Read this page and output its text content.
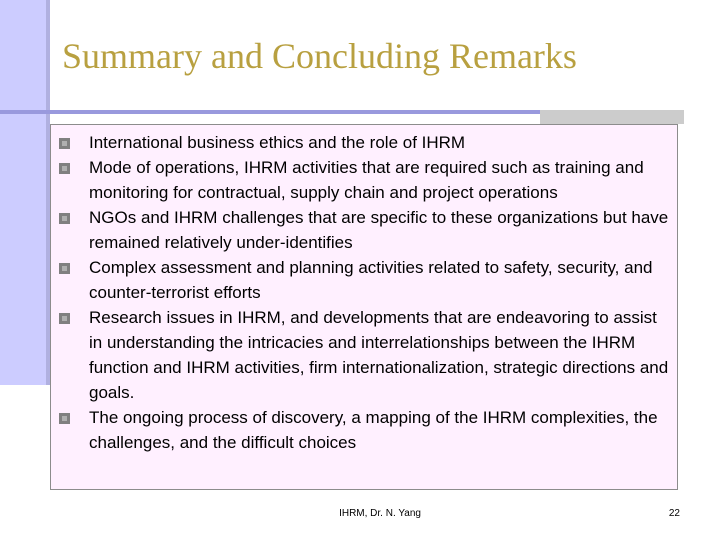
Summary and Concluding Remarks
International business ethics and the role of IHRM
Mode of operations, IHRM activities that are required such as training and monitoring for contractual, supply chain and project operations
NGOs and IHRM challenges that are specific to these organizations but have remained relatively under-identifies
Complex assessment and planning activities related to safety, security, and counter-terrorist efforts
Research issues in IHRM, and developments that are endeavoring to assist in understanding the intricacies and interrelationships between the IHRM function and IHRM activities, firm internationalization, strategic directions and goals.
The ongoing process of discovery, a mapping of the IHRM complexities, the challenges, and the difficult choices
IHRM, Dr. N. Yang	22
